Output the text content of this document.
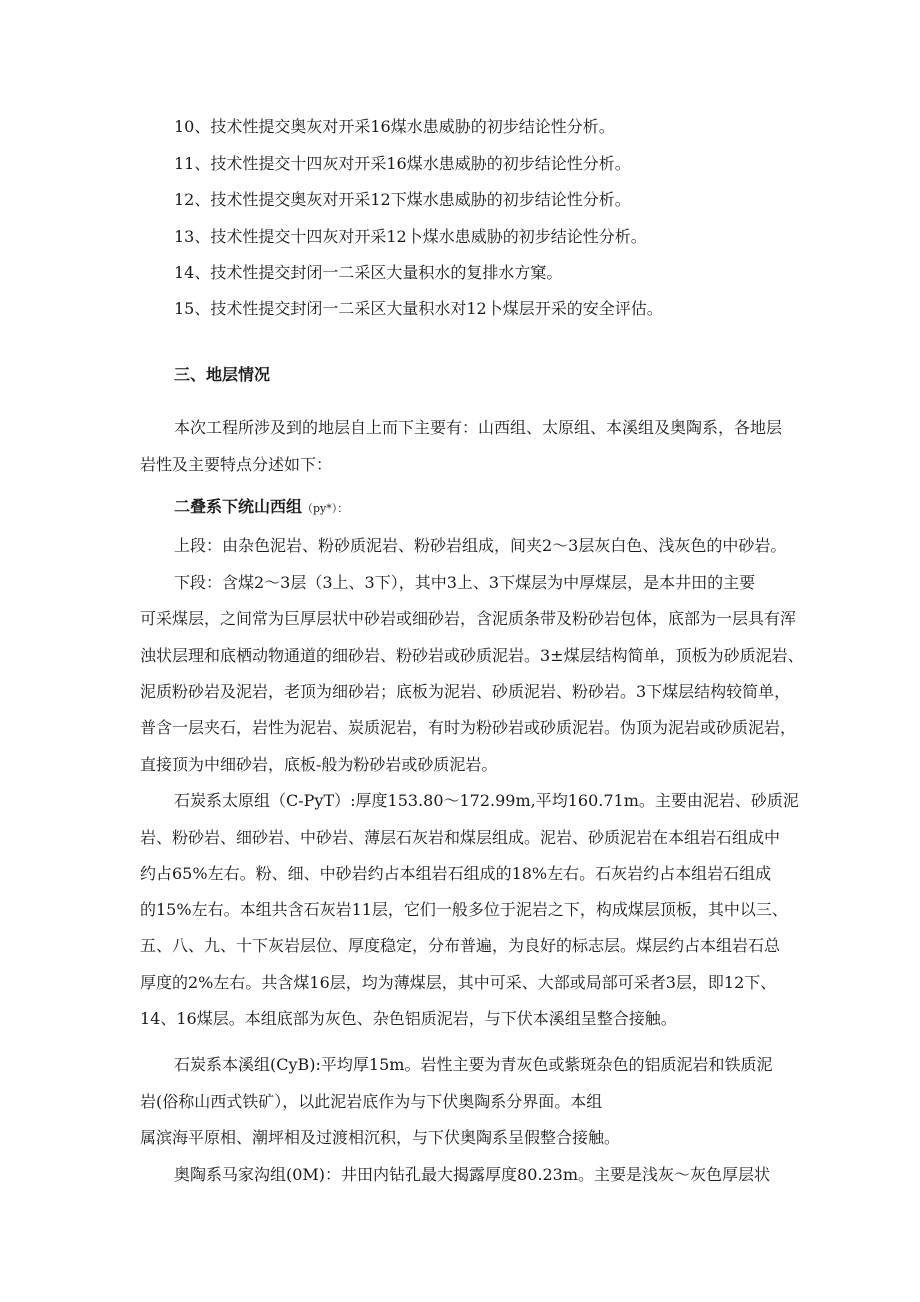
10、技术性提交奥灰对开采16煤水患威胁的初步结论性分析。
11、技术性提交十四灰对开采16煤水患威胁的初步结论性分析。
12、技术性提交奥灰对开采12下煤水患威胁的初步结论性分析。
13、技术性提交十四灰对开采12卜煤水患威胁的初步结论性分析。
14、技术性提交封闭一二采区大量积水的复排水方窠。
15、技术性提交封闭一二采区大量积水对12卜煤层开采的安全评估。
三、地层情况
本次工程所涉及到的地层自上而下主要有：山西组、太原组、本溪组及奥陶系，各地层
岩性及主要特点分述如下：
二叠系下统山西组（py*）：
上段：由杂色泥岩、粉砂质泥岩、粉砂岩组成，间夹2～3层灰白色、浅灰色的中砂岩。
下段：含煤2～3层（3上、3下），其中3上、3下煤层为中厚煤层，是本井田的主要
可采煤层，之间常为巨厚层状中砂岩或细砂岩，含泥质条带及粉砂岩包体，底部为一层具有浑
浊状层理和底栖动物通道的细砂岩、粉砂岩或砂质泥岩。3±煤层结构简单，顶板为砂质泥岩、
泥质粉砂岩及泥岩，老顶为细砂岩；底板为泥岩、砂质泥岩、粉砂岩。3下煤层结构较简单，
普含一层夹石，岩性为泥岩、炭质泥岩，有时为粉砂岩或砂质泥岩。伪顶为泥岩或砂质泥岩，
直接顶为中细砂岩，底板-般为粉砂岩或砂质泥岩。
石炭系太原组（C-PyT）:厚度153.80～172.99m,平均160.71m。主要由泥岩、砂质泥
岩、粉砂岩、细砂岩、中砂岩、薄层石灰岩和煤层组成。泥岩、砂质泥岩在本组岩石组成中
约占65%左右。粉、细、中砂岩约占本组岩石组成的18%左右。石灰岩约占本组岩石组成
的15%左右。本组共含石灰岩11层，它们一般多位于泥岩之下，构成煤层顶板，其中以三、
五、八、九、十下灰岩层位、厚度稳定，分布普遍，为良好的标志层。煤层约占本组岩石总
厚度的2%左右。共含煤16层，均为薄煤层，其中可采、大部或局部可采者3层，即12下、
14、16煤层。本组底部为灰色、杂色铝质泥岩，与下伏本溪组呈整合接触。
石炭系本溪组(CyB):平均厚15m。岩性主要为青灰色或紫斑杂色的铝质泥岩和铁质泥
岩(俗称山西式铁矿），以此泥岩底作为与下伏奥陶系分界面。本组
属滨海平原相、潮坪相及过渡相沉积，与下伏奥陶系呈假整合接触。
奥陶系马家沟组(0M)：井田内钻孔最大揭露厚度80.23m。主要是浅灰～灰色厚层状
